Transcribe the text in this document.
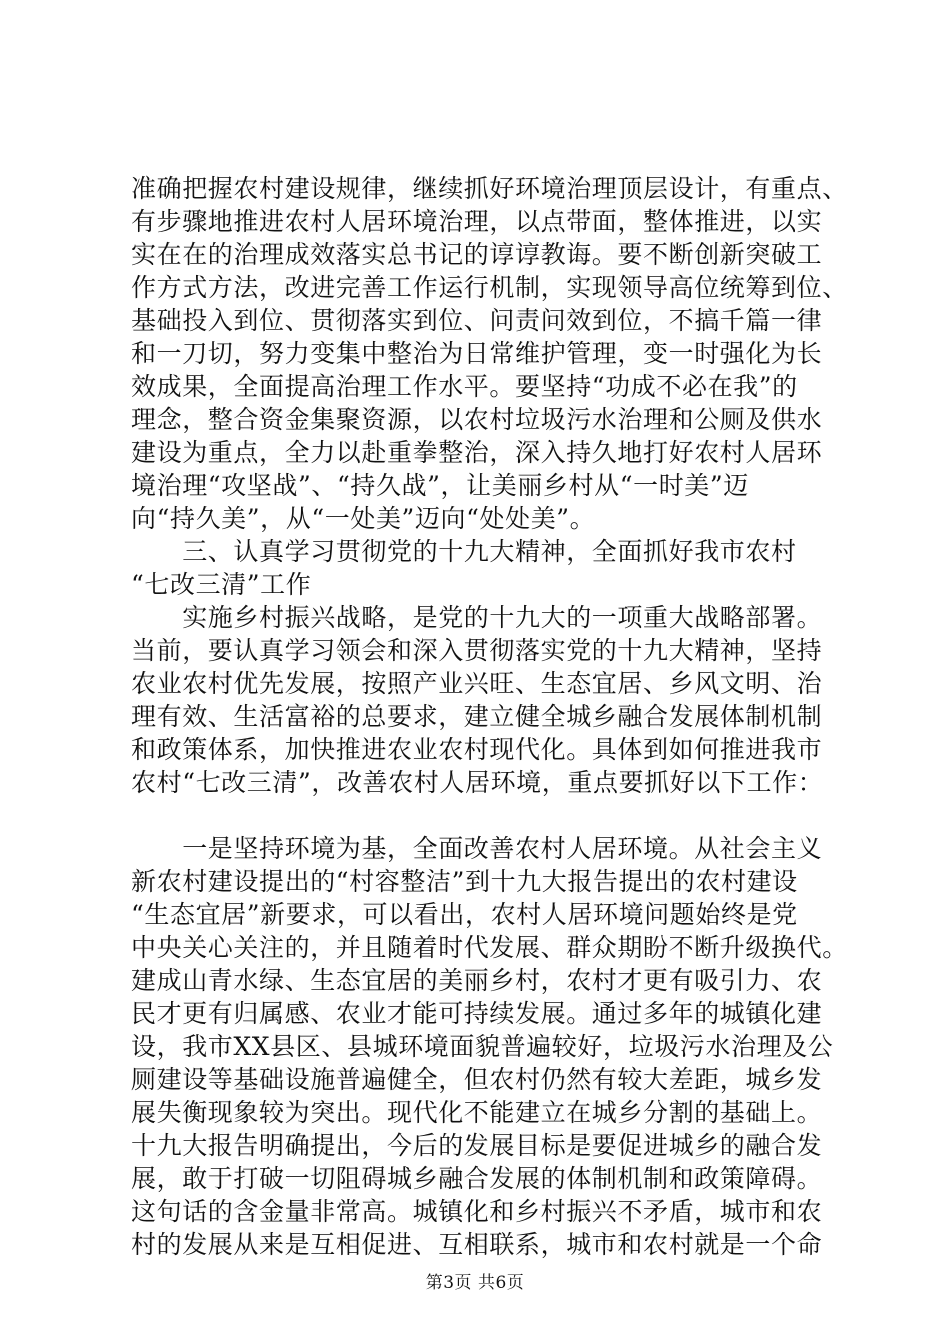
准确把握农村建设规律，继续抓好环境治理顶层设计，有重点、
有步骤地推进农村人居环境治理，以点带面，整体推进，以实
实在在的治理成效落实总书记的谆谆教诲。要不断创新突破工
作方式方法，改进完善工作运行机制，实现领导高位统筹到位、
基础投入到位、贯彻落实到位、问责问效到位，不搞千篇一律
和一刀切，努力变集中整治为日常维护管理，变一时强化为长
效成果，全面提高治理工作水平。要坚持“功成不必在我”的
理念，整合资金集聚资源，以农村垃圾污水治理和公厕及供水
建设为重点，全力以赴重拳整治，深入持久地打好农村人居环
境治理“攻坚战”、“持久战”，让美丽乡村从“一时美”迈
向“持久美”，从“一处美”迈向“处处美”。
　　三、认真学习贯彻党的十九大精神，全面抓好我市农村
“七改三清”工作
　　实施乡村振兴战略，是党的十九大的一项重大战略部署。
当前，要认真学习领会和深入贯彻落实党的十九大精神，坚持
农业农村优先发展，按照产业兴旺、生态宜居、乡风文明、治
理有效、生活富裕的总要求，建立健全城乡融合发展体制机制
和政策体系，加快推进农业农村现代化。具体到如何推进我市
农村“七改三清”，改善农村人居环境，重点要抓好以下工作：
　　一是坚持环境为基，全面改善农村人居环境。从社会主义
新农村建设提出的“村容整洁”到十九大报告提出的农村建设
“生态宜居”新要求，可以看出，农村人居环境问题始终是党
中央关心关注的，并且随着时代发展、群众期盼不断升级换代。
建成山青水绿、生态宜居的美丽乡村，农村才更有吸引力、农
民才更有归属感、农业才能可持续发展。通过多年的城镇化建
设，我市XX县区、县城环境面貌普遍较好，垃圾污水治理及公
厕建设等基础设施普遍健全，但农村仍然有较大差距，城乡发
展失衡现象较为突出。现代化不能建立在城乡分割的基础上。
十九大报告明确提出，今后的发展目标是要促进城乡的融合发
展，敢于打破一切阻碍城乡融合发展的体制机制和政策障碍。
这句话的含金量非常高。城镇化和乡村振兴不矛盾，城市和农
村的发展从来是互相促进、互相联系，城市和农村就是一个命
第3页 共6页
